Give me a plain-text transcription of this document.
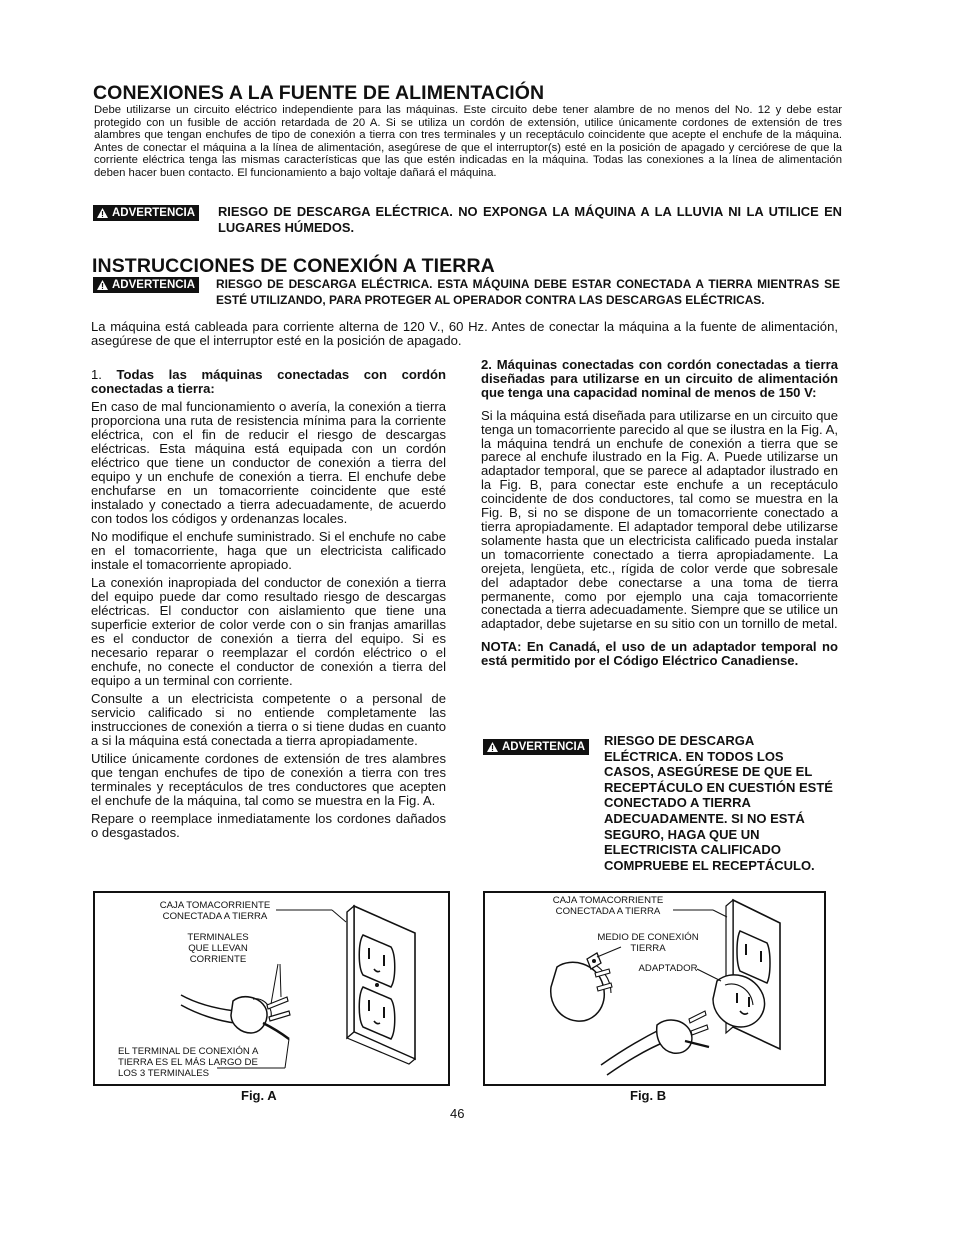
CONEXIONES A LA FUENTE DE ALIMENTACIÓN
Debe utilizarse un circuito eléctrico independiente para las máquinas. Este circuito debe tener alambre de no menos del No. 12 y debe estar protegido con un fusible de acción retardada de 20 A. Si se utiliza un cordón de extensión, utilice únicamente cordones de extensión de tres alambres que tengan enchufes de tipo de conexión a tierra con tres terminales y un receptáculo coincidente que acepte el enchufe de la máquina. Antes de conectar el máquina a la línea de alimentación, asegúrese de que el interruptor(s) esté en la posición de apagado y cerciórese de que la corriente eléctrica tenga las mismas características que las que estén indicadas en la máquina. Todas las conexiones a la línea de alimentación deben hacer buen contacto. El funcionamiento a bajo voltaje dañará el máquina.
ADVERTENCIA RIESGO DE DESCARGA ELÉCTRICA. NO EXPONGA LA MÁQUINA A LA LLUVIA NI LA UTILICE EN LUGARES HÚMEDOS.
INSTRUCCIONES DE CONEXIÓN A TIERRA
ADVERTENCIA RIESGO DE DESCARGA ELÉCTRICA. ESTA MÁQUINA DEBE ESTAR CONECTADA A TIERRA MIENTRAS SE ESTÉ UTILIZANDO, PARA PROTEGER AL OPERADOR CONTRA LAS DESCARGAS ELÉCTRICAS.
La máquina está cableada para corriente alterna de 120 V., 60 Hz. Antes de conectar la máquina a la fuente de alimentación, asegúrese de que el interruptor esté en la posición de apagado.

1. Todas las máquinas conectadas con cordón conectadas a tierra:

En caso de mal funcionamiento o avería, la conexión a tierra proporciona una ruta de resistencia mínima para la corriente eléctrica, con el fin de reducir el riesgo de descargas eléctricas. Esta máquina está equipada con un cordón eléctrico que tiene un conductor de conexión a tierra del equipo y un enchufe de conexión a tierra. El enchufe debe enchufarse en un tomacorriente coincidente que esté instalado y conectado a tierra adecuadamente, de acuerdo con todos los códigos y ordenanzas locales.

No modifique el enchufe suministrado. Si el enchufe no cabe en el tomacorriente, haga que un electricista calificado instale el tomacorriente apropiado.

La conexión inapropiada del conductor de conexión a tierra del equipo puede dar como resultado riesgo de descargas eléctricas. El conductor con aislamiento que tiene una superficie exterior de color verde con o sin franjas amarillas es el conductor de conexión a tierra del equipo. Si es necesario reparar o reemplazar el cordón eléctrico o el enchufe, no conecte el conductor de conexión a tierra del equipo a un terminal con corriente.

Consulte a un electricista competente o a personal de servicio calificado si no entiende completamente las instrucciones de conexión a tierra o si tiene dudas en cuanto a si la máquina está conectada a tierra apropiadamente.

Utilice únicamente cordones de extensión de tres alambres que tengan enchufes de tipo de conexión a tierra con tres terminales y receptáculos de tres conductores que acepten el enchufe de la máquina, tal como se muestra en la Fig. A.

Repare o reemplace inmediatamente los cordones dañados o desgastados.

2. Máquinas conectadas con cordón conectadas a tierra diseñadas para utilizarse en un circuito de alimentación que tenga una capacidad nominal de menos de 150 V:

Si la máquina está diseñada para utilizarse en un circuito que tenga un tomacorriente parecido al que se ilustra en la Fig. A, la máquina tendrá un enchufe de conexión a tierra que se parece al enchufe ilustrado en la Fig. A. Puede utilizarse un adaptador temporal, que se parece al adaptador ilustrado en la Fig. B, para conectar este enchufe a un receptáculo coincidente de dos conductores, tal como se muestra en la Fig. B, si no se dispone de un tomacorriente conectado a tierra apropiadamente. El adaptador temporal debe utilizarse solamente hasta que un electricista calificado pueda instalar un tomacorriente conectado a tierra apropiadamente. La orejeta, lengüeta, etc., rígida de color verde que sobresale del adaptador debe conectarse a una toma de tierra permanente, como por ejemplo una caja tomacorriente conectada a tierra adecuadamente. Siempre que se utilice un adaptador, debe sujetarse en su sitio con un tornillo de metal.

NOTA: En Canadá, el uso de un adaptador temporal no está permitido por el Código Eléctrico Canadiense.

ADVERTENCIA RIESGO DE DESCARGA
ELÉCTRICA. EN TODOS LOS
CASOS, ASEGÚRESE DE QUE EL
RECEPTÁCULO EN CUESTIÓN ESTÉ
CONECTADO A TIERRA
ADECUADAMENTE. SI NO ESTÁ
SEGURO, HAGA QUE UN
ELECTRICISTA CALIFICADO
COMPRUEBE EL RECEPTÁCULO.
CAJA TOMACORRIENTE
CONECTADA A TIERRA
TERMINALES
QUE LLEVAN
CORRIENTE
EL TERMINAL DE CONEXIÓN A
TIERRA ES EL MÁS LARGO DE
LOS 3 TERMINALES
Fig. A
CAJA TOMACORRIENTE
CONECTADA A TIERRA
MEDIO DE CONEXIÓN
TIERRA
ADAPTADOR
Fig. B
46
